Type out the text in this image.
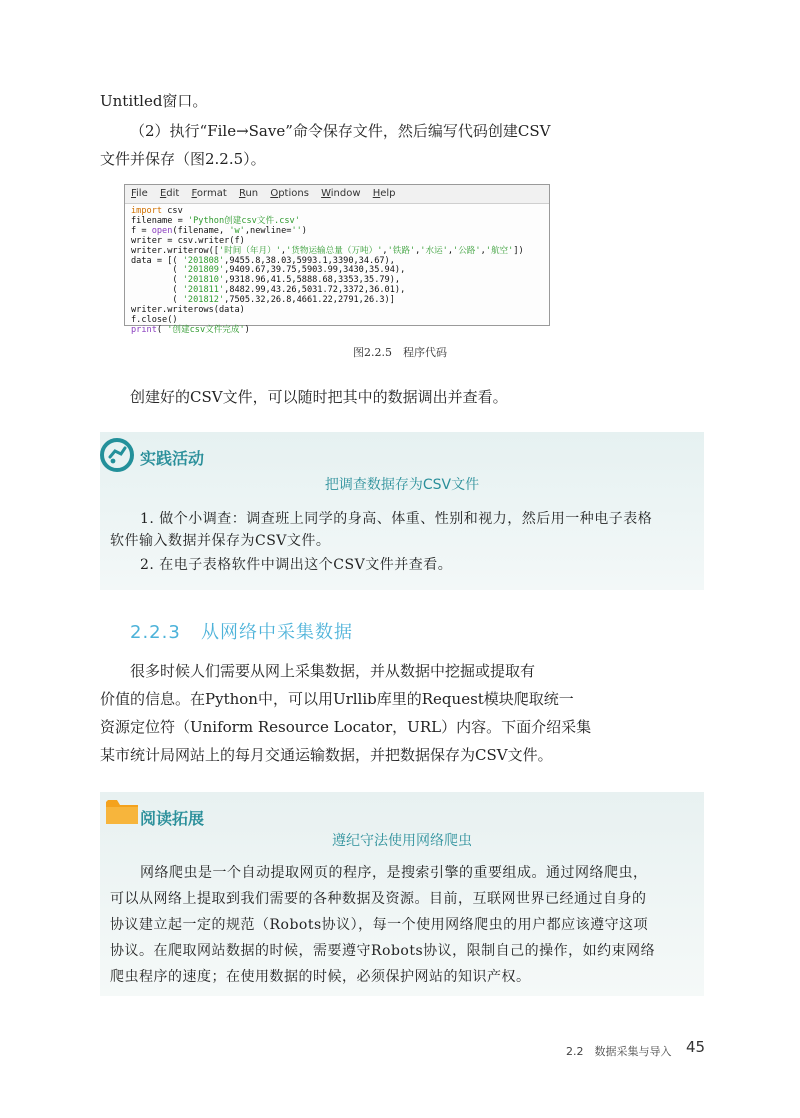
Untitled窗口。

（2）执行“File→Save”命令保存文件，然后编写代码创建CSV

文件并保存（图2.2.5）。

File Edit Format Run Options Window Help
import csv
filename = 'Python创建csv文件.csv'
f = open(filename, 'w',newline='')
writer = csv.writer(f)
writer.writerow(['时间（年月）','货物运输总量（万吨）','铁路','水运','公路','航空'])
data = [( '201808',9455.8,38.03,5993.1,3390,34.67),
( '201809',9409.67,39.75,5903.99,3430,35.94),
( '201810',9318.96,41.5,5888.68,3353,35.79),
( '201811',8482.99,43.26,5031.72,3372,36.01),
( '201812',7505.32,26.8,4661.22,2791,26.3)]
writer.writerows(data)
f.close()
print( '创建csv文件完成')
图2.2.5　程序代码

创建好的CSV文件，可以随时把其中的数据调出并查看。

实践活动
把调查数据存为CSV文件
1. 做个小调查：调查班上同学的身高、体重、性别和视力，然后用一种电子表格
软件输入数据并保存为CSV文件。
2. 在电子表格软件中调出这个CSV文件并查看。
2.2.3 从网络中采集数据

很多时候人们需要从网上采集数据，并从数据中挖掘或提取有

价值的信息。在Python中，可以用Urllib库里的Request模块爬取统一

资源定位符（Uniform Resource Locator，URL）内容。下面介绍采集

某市统计局网站上的每月交通运输数据，并把数据保存为CSV文件。

阅读拓展
遵纪守法使用网络爬虫
网络爬虫是一个自动提取网页的程序，是搜索引擎的重要组成。通过网络爬虫，
可以从网络上提取到我们需要的各种数据及资源。目前，互联网世界已经通过自身的
协议建立起一定的规范（Robots协议），每一个使用网络爬虫的用户都应该遵守这项
协议。在爬取网站数据的时候，需要遵守Robots协议，限制自己的操作，如约束网络
爬虫程序的速度；在使用数据的时候，必须保护网站的知识产权。
2.2　数据采集与导入 45
